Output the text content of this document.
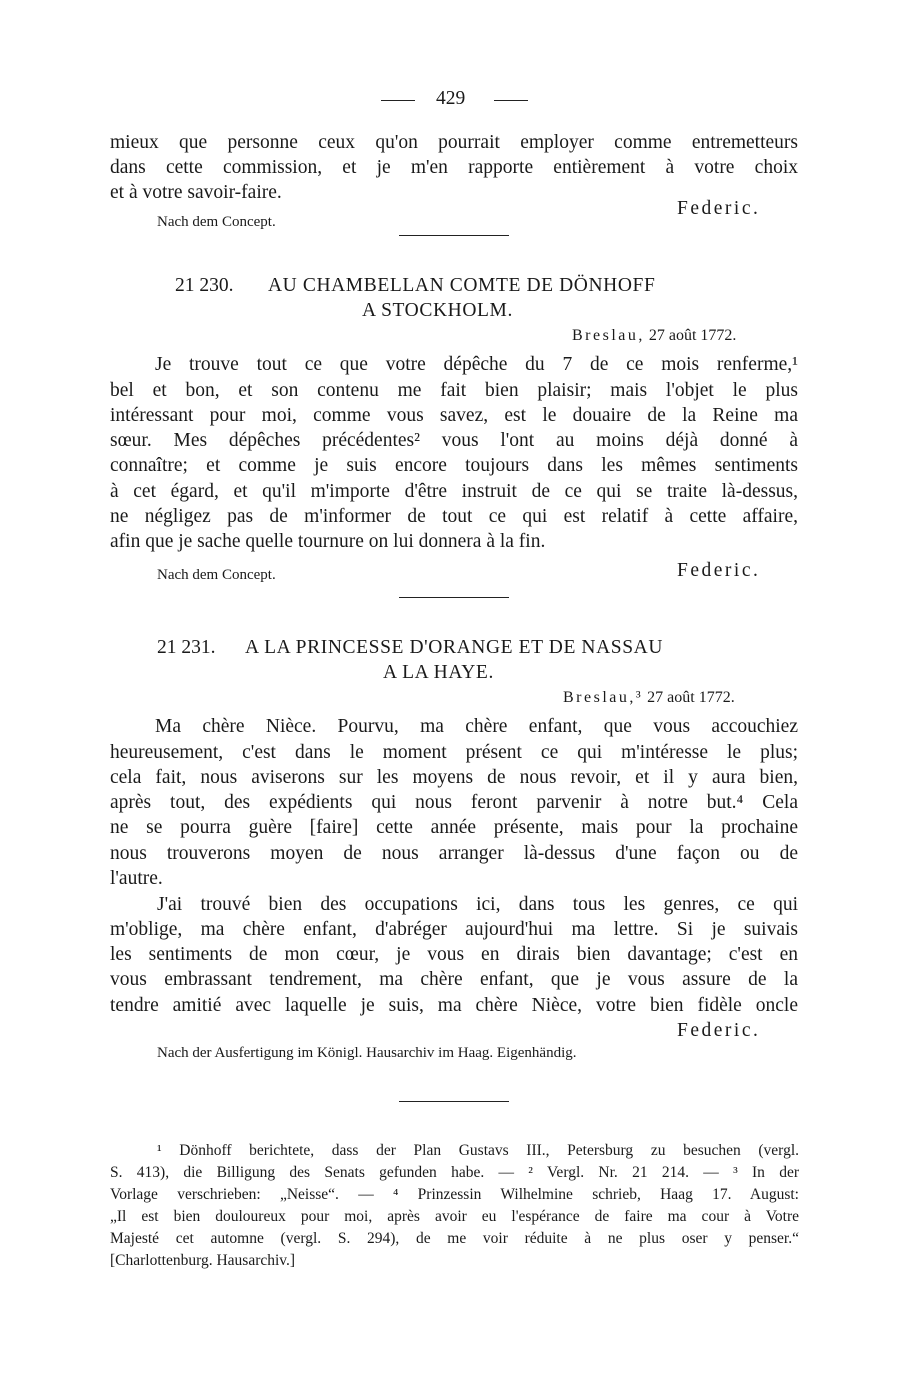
429
mieux que personne ceux qu'on pourrait employer comme entremetteurs
dans cette commission, et je m'en rapporte entièrement à votre choix
et à votre savoir-faire.
Federic.
Nach dem Concept.
21 230. AU CHAMBELLAN COMTE DE DÖNHOFF
A STOCKHOLM.
Breslau, 27 août 1772.
Je trouve tout ce que votre dépêche du 7 de ce mois renferme,¹
bel et bon, et son contenu me fait bien plaisir; mais l'objet le plus
intéressant pour moi, comme vous savez, est le douaire de la Reine ma
sœur. Mes dépêches précédentes² vous l'ont au moins déjà donné à
connaître; et comme je suis encore toujours dans les mêmes sentiments
à cet égard, et qu'il m'importe d'être instruit de ce qui se traite là-dessus,
ne négligez pas de m'informer de tout ce qui est relatif à cette affaire,
afin que je sache quelle tournure on lui donnera à la fin.
Nach dem Concept.	Federic.
21 231. A LA PRINCESSE D'ORANGE ET DE NASSAU
A LA HAYE.
Breslau,³ 27 août 1772.
Ma chère Nièce. Pourvu, ma chère enfant, que vous accouchiez
heureusement, c'est dans le moment présent ce qui m'intéresse le plus;
cela fait, nous aviserons sur les moyens de nous revoir, et il y aura bien,
après tout, des expédients qui nous feront parvenir à notre but.⁴ Cela
ne se pourra guère [faire] cette année présente, mais pour la prochaine
nous trouverons moyen de nous arranger là-dessus d'une façon ou de
l'autre.
J'ai trouvé bien des occupations ici, dans tous les genres, ce qui
m'oblige, ma chère enfant, d'abréger aujourd'hui ma lettre. Si je suivais
les sentiments de mon cœur, je vous en dirais bien davantage; c'est en
vous embrassant tendrement, ma chère enfant, que je vous assure de la
tendre amitié avec laquelle je suis, ma chère Nièce, votre bien fidèle oncle
Federic.
Nach der Ausfertigung im Königl. Hausarchiv im Haag. Eigenhändig.
¹ Dönhoff berichtete, dass der Plan Gustavs III., Petersburg zu besuchen (vergl.
S. 413), die Billigung des Senats gefunden habe. — ² Vergl. Nr. 21 214. — ³ In der
Vorlage verschrieben: „Neisse“. — ⁴ Prinzessin Wilhelmine schrieb, Haag 17. August:
„Il est bien douloureux pour moi, après avoir eu l'espérance de faire ma cour à Votre
Majesté cet automne (vergl. S. 294), de me voir réduite à ne plus oser y penser.“
[Charlottenburg. Hausarchiv.]
